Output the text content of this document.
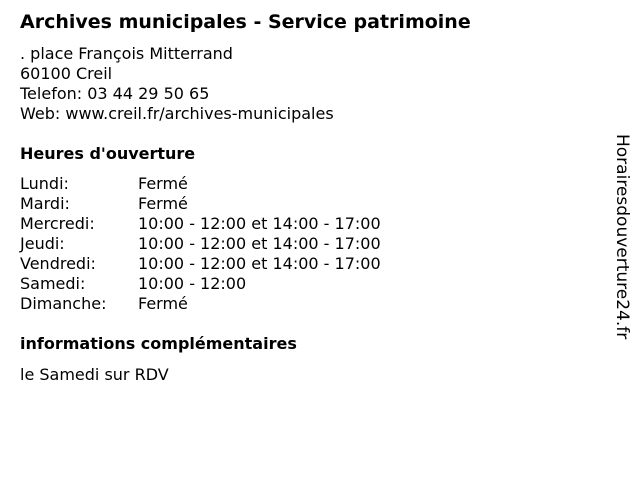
Archives municipales - Service patrimoine
. place François Mitterrand
60100 Creil
Telefon: 03 44 29 50 65
Web: www.creil.fr/archives-municipales
Heures d'ouverture
Lundi:	Fermé
Mardi:	Fermé
Mercredi:	10:00 - 12:00 et 14:00 - 17:00
Jeudi:	10:00 - 12:00 et 14:00 - 17:00
Vendredi:	10:00 - 12:00 et 14:00 - 17:00
Samedi:	10:00 - 12:00
Dimanche:	Fermé
informations complémentaires
le Samedi sur RDV
Horairesdouverture24.fr
